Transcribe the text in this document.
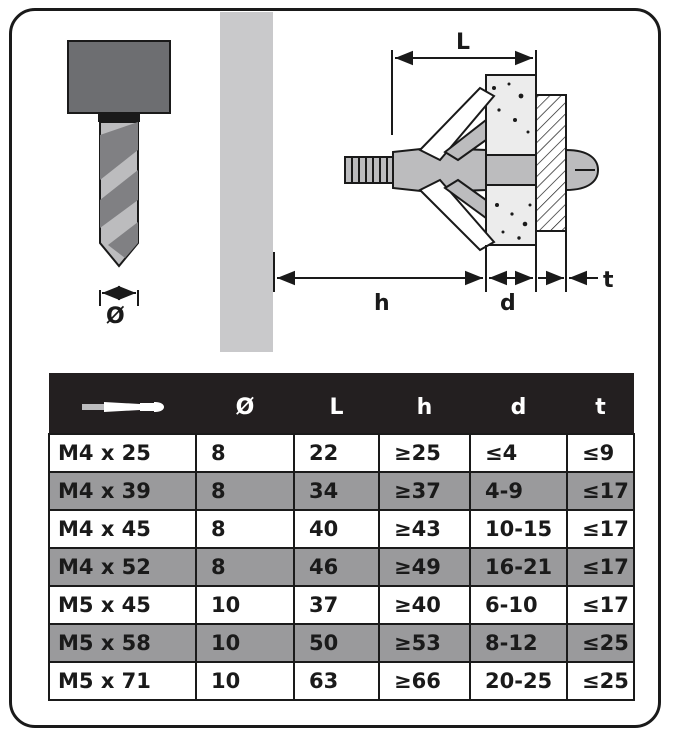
Ø
L
h	d
t
	Ø	L	h	d	t
M4 x 25	8	22	≥25	≤4	≤9
M4 x 39	8	34	≥37	4-9	≤17
M4 x 45	8	40	≥43	10-15	≤17
M4 x 52	8	46	≥49	16-21	≤17
M5 x 45	10	37	≥40	6-10	≤17
M5 x 58	10	50	≥53	8-12	≤25
M5 x 71	10	63	≥66	20-25	≤25
